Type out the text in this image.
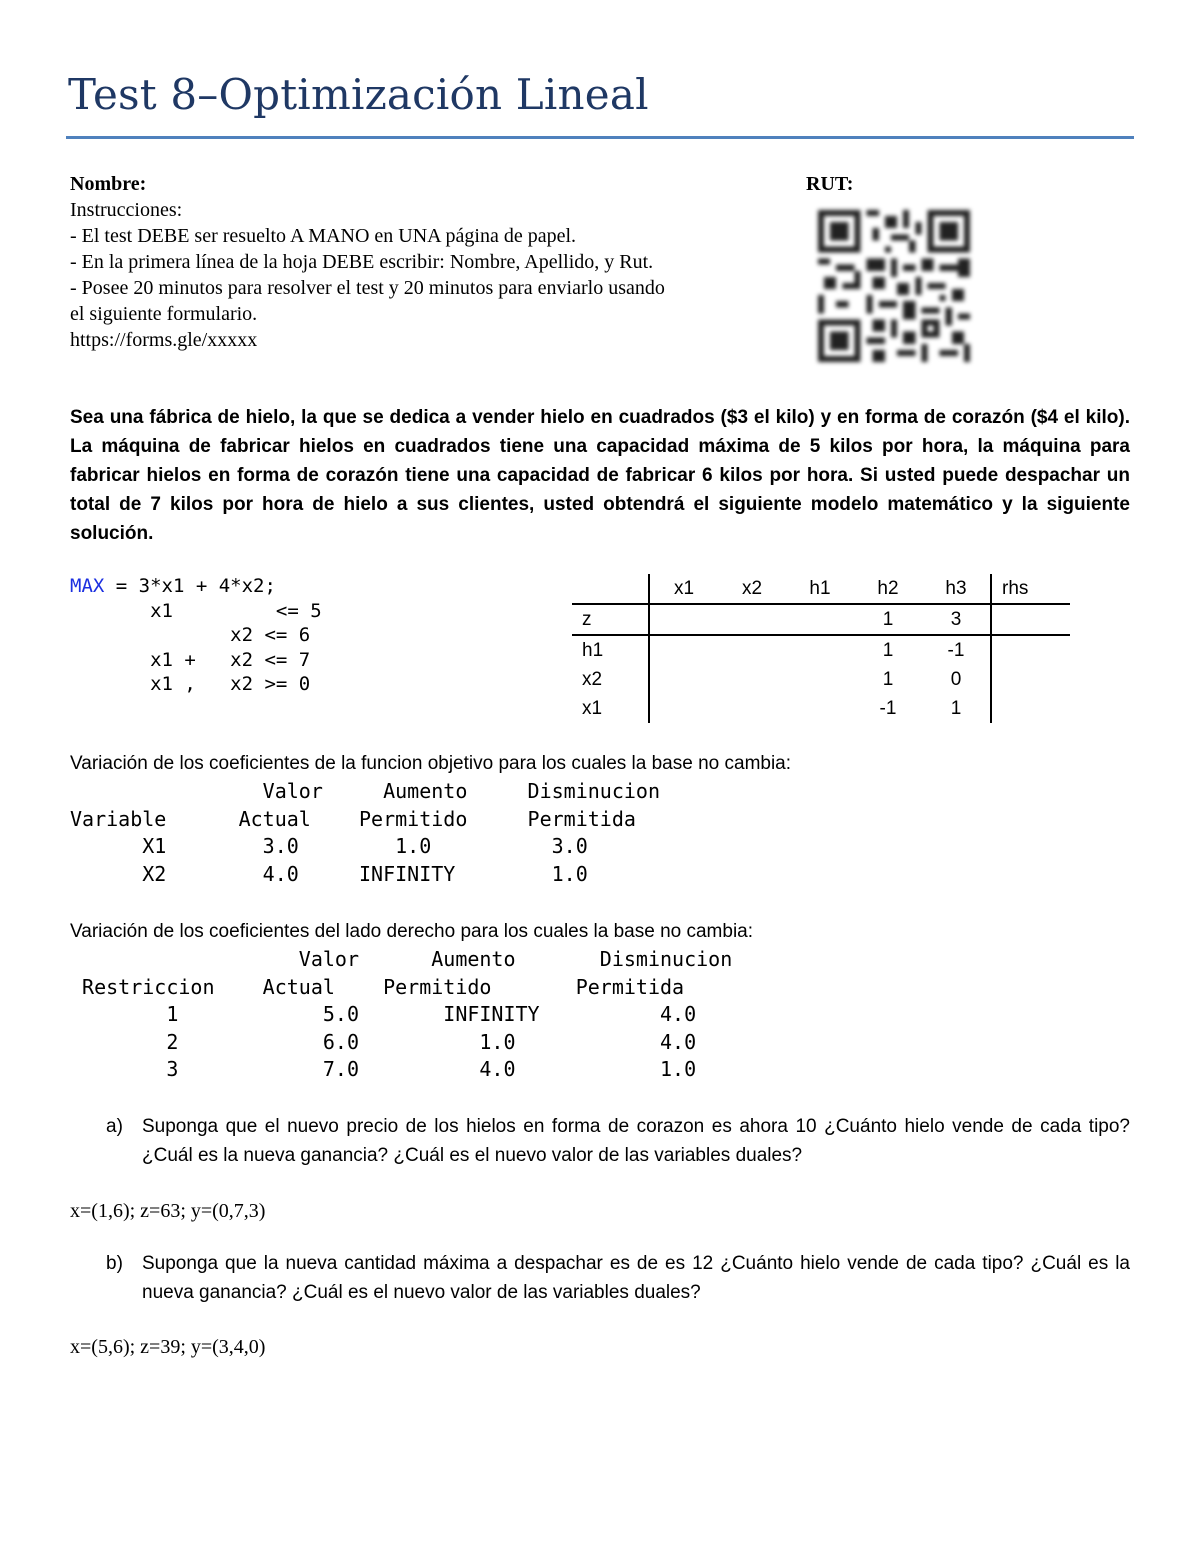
Test 8–Optimización Lineal
Nombre:	RUT:
Instrucciones:
- El test DEBE ser resuelto A MANO en UNA página de papel.
- En la primera línea de la hoja DEBE escribir: Nombre, Apellido, y Rut.
- Posee 20 minutos para resolver el test y 20 minutos para enviarlo usando
el siguiente formulario.
https://forms.gle/xxxxx
Sea una fábrica de hielo, la que se dedica a vender hielo en cuadrados ($3 el kilo) y en forma de corazón ($4 el kilo). La máquina de fabricar hielos en cuadrados tiene una capacidad máxima de 5 kilos por hora, la máquina para fabricar hielos en forma de corazón tiene una capacidad de fabricar 6 kilos por hora. Si usted puede despachar un total de 7 kilos por hora de hielo a sus clientes, usted obtendrá el siguiente modelo matemático y la siguiente solución.
MAX = 3*x1 + 4*x2;
x1         <= 5
x2 <= 6
x1 +   x2 <= 7
x1 ,   x2 >= 0
	x1	x2	h1	h2	h3	rhs
z				1	3	
h1				1	-1	
x2				1	0	
x1				-1	1	
Variación de los coeficientes de la funcion objetivo para los cuales la base no cambia:
Valor     Aumento     Disminucion
Variable      Actual    Permitido     Permitida
X1        3.0        1.0          3.0
X2        4.0     INFINITY        1.0
Variación de los coeficientes del lado derecho para los cuales la base no cambia:
Valor      Aumento       Disminucion
Restriccion    Actual    Permitido       Permitida
1            5.0       INFINITY          4.0
2            6.0          1.0            4.0
3            7.0          4.0            1.0
a)	Suponga que el nuevo precio de los hielos en forma de corazon es ahora 10 ¿Cuánto hielo vende de cada tipo? ¿Cuál es la nueva ganancia? ¿Cuál es el nuevo valor de las variables duales?
x=(1,6); z=63; y=(0,7,3)
b)	Suponga que la nueva cantidad máxima a despachar es de es 12 ¿Cuánto hielo vende de cada tipo? ¿Cuál es la nueva ganancia? ¿Cuál es el nuevo valor de las variables duales?
x=(5,6); z=39; y=(3,4,0)
